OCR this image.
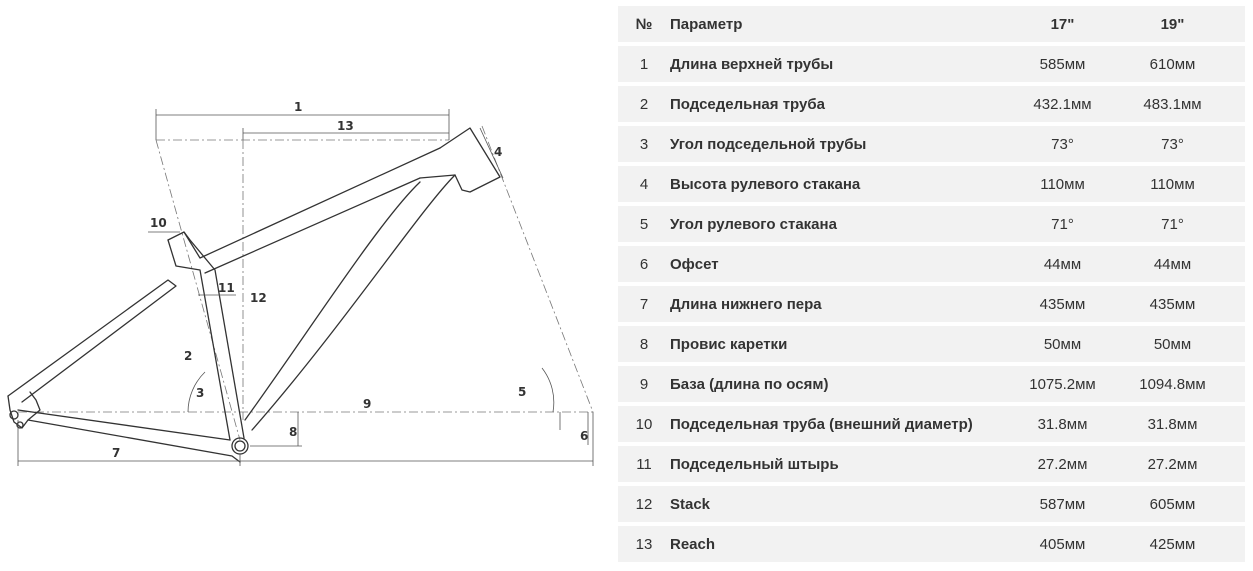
1
13
12
9
4
10
11
2
3	5
6
8
7
№	Параметр	17"	19"
1	Длина верхней трубы	585мм	610мм
2	Подседельная труба	432.1мм	483.1мм
3	Угол подседельной трубы	73°	73°
4	Высота рулевого стакана	110мм	110мм
5	Угол рулевого стакана	71°	71°
6	Офсет	44мм	44мм
7	Длина нижнего пера	435мм	435мм
8	Провис каретки	50мм	50мм
9	База (длина по осям)	1075.2мм	1094.8мм
10	Подседельная труба (внешний диаметр)	31.8мм	31.8мм
11	Подседельный штырь	27.2мм	27.2мм
12	Stack	587мм	605мм
13	Reach	405мм	425мм
